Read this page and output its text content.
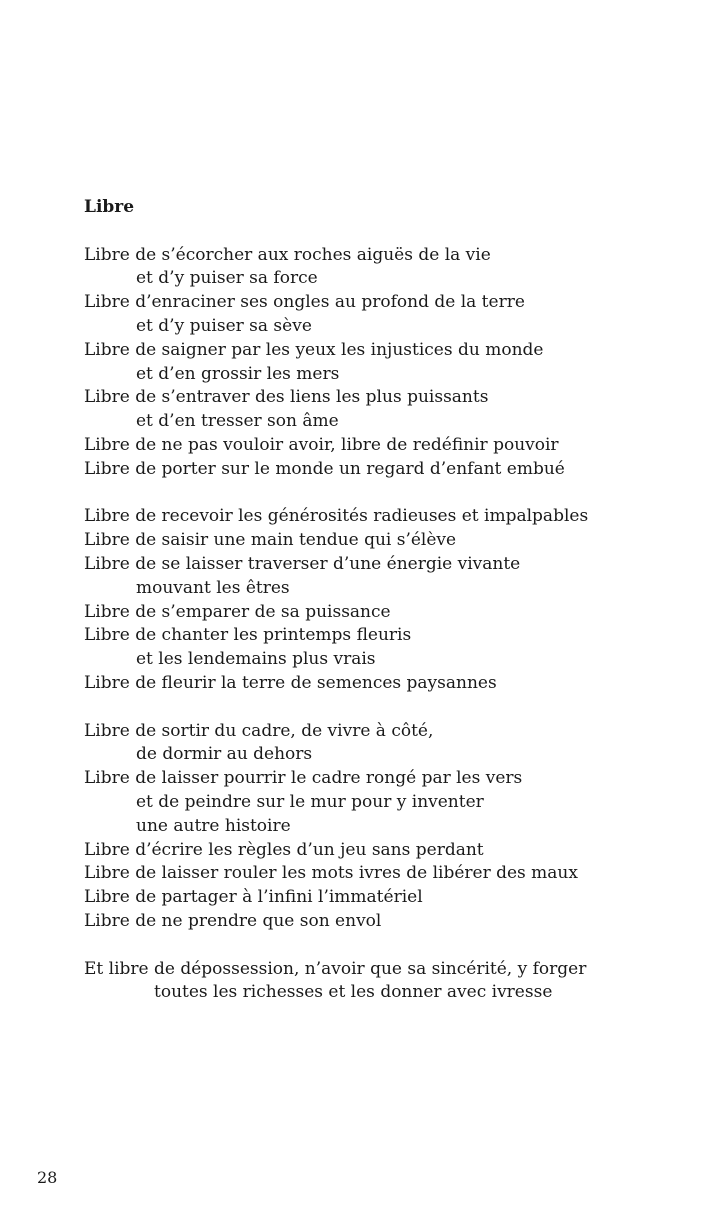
Libre
Libre de s’écorcher aux roches aiguës de la vie
et d’y puiser sa force
Libre d’enraciner ses ongles au profond de la terre
et d’y puiser sa sève
Libre de saigner par les yeux les injustices du monde
et d’en grossir les mers
Libre de s’entraver des liens les plus puissants
et d’en tresser son âme
Libre de ne pas vouloir avoir, libre de redéfinir pouvoir
Libre de porter sur le monde un regard d’enfant embué
Libre de recevoir les générosités radieuses et impalpables
Libre de saisir une main tendue qui s’élève
Libre de se laisser traverser d’une énergie vivante
mouvant les êtres
Libre de s’emparer de sa puissance
Libre de chanter les printemps fleuris
et les lendemains plus vrais
Libre de fleurir la terre de semences paysannes
Libre de sortir du cadre, de vivre à côté,
de dormir au dehors
Libre de laisser pourrir le cadre rongé par les vers
et de peindre sur le mur pour y inventer
une autre histoire
Libre d’écrire les règles d’un jeu sans perdant
Libre de laisser rouler les mots ivres de libérer des maux
Libre de partager à l’infini l’immatériel
Libre de ne prendre que son envol
Et libre de dépossession, n’avoir que sa sincérité, y forger
toutes les richesses et les donner avec ivresse
28
